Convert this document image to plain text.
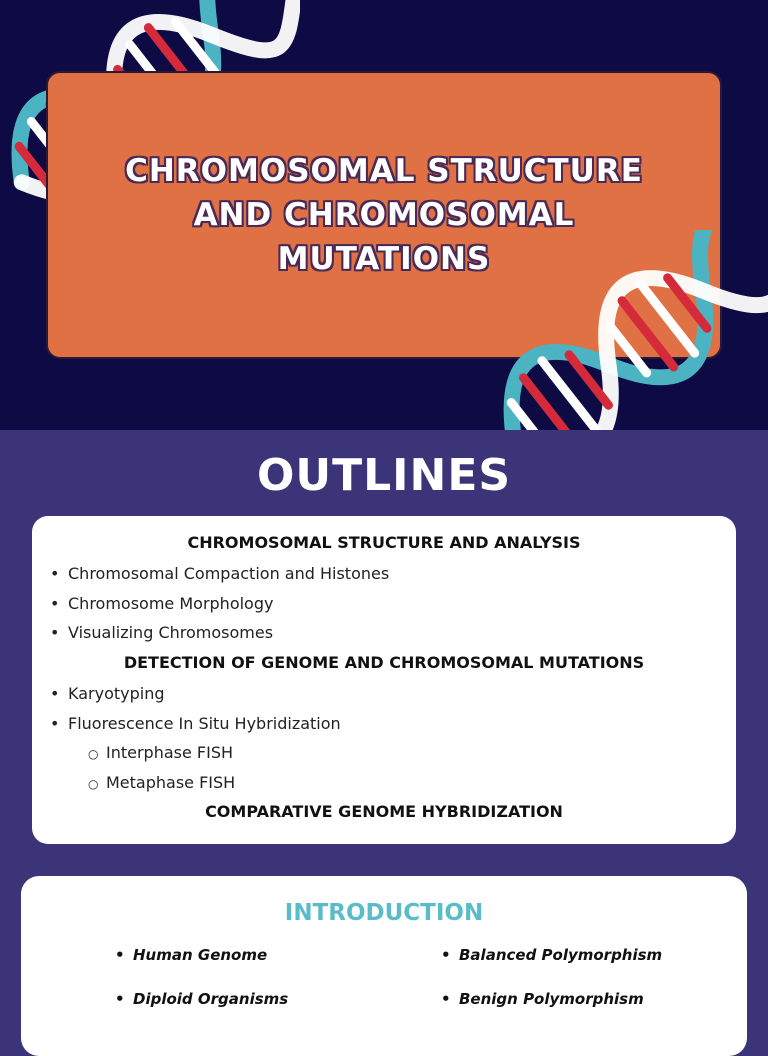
CHROMOSOMAL STRUCTURE AND CHROMOSOMAL MUTATIONS
OUTLINES
CHROMOSOMAL STRUCTURE AND ANALYSIS
• Chromosomal Compaction and Histones
• Chromosome Morphology
• Visualizing Chromosomes
DETECTION OF GENOME AND CHROMOSOMAL MUTATIONS
• Karyotyping
• Fluorescence In Situ Hybridization
○ Interphase FISH
○ Metaphase FISH
COMPARATIVE GENOME HYBRIDIZATION
INTRODUCTION
• Human Genome
• Diploid Organisms
• Balanced Polymorphism
• Benign Polymorphism
